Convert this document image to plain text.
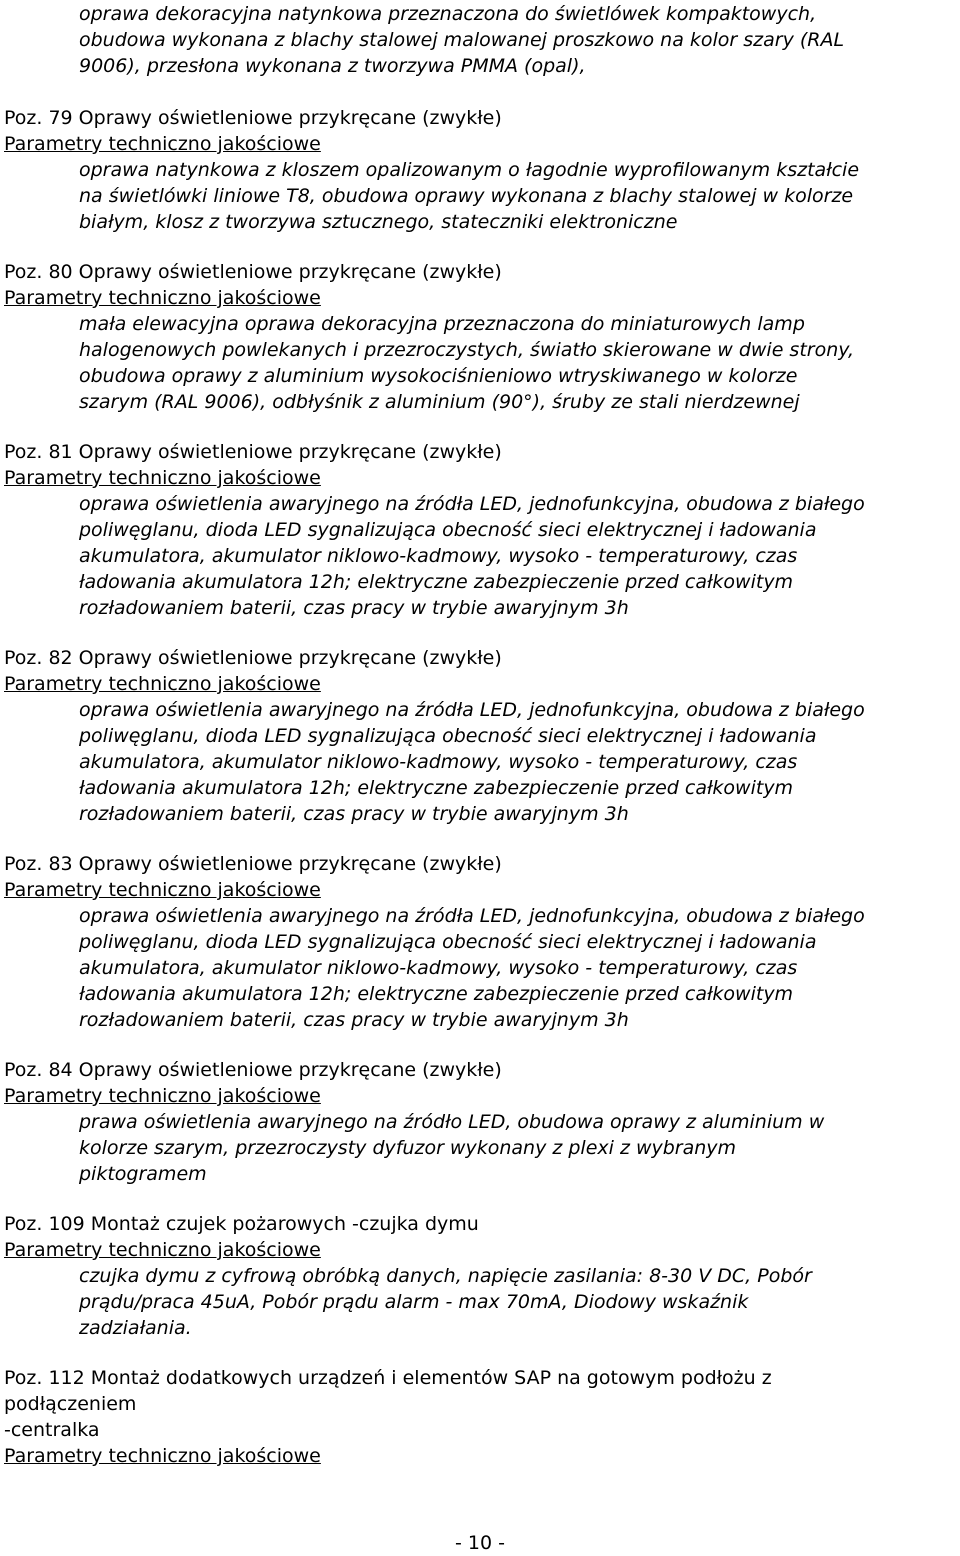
oprawa dekoracyjna natynkowa przeznaczona do świetlówek kompaktowych,
obudowa wykonana z blachy stalowej malowanej proszkowo na kolor szary (RAL
9006), przesłona wykonana z tworzywa PMMA (opal),
Poz. 79 Oprawy oświetleniowe przykręcane (zwykłe)
Parametry techniczno jakościowe
oprawa natynkowa z kloszem opalizowanym o łagodnie wyprofilowanym kształcie
na świetlówki liniowe T8, obudowa oprawy wykonana z blachy stalowej w kolorze
białym, klosz z tworzywa sztucznego, stateczniki elektroniczne
Poz. 80 Oprawy oświetleniowe przykręcane (zwykłe)
Parametry techniczno jakościowe
mała elewacyjna oprawa dekoracyjna przeznaczona do miniaturowych lamp
halogenowych powlekanych i przezroczystych, światło skierowane w dwie strony,
obudowa oprawy z aluminium wysokociśnieniowo wtryskiwanego w kolorze
szarym (RAL 9006), odbłyśnik z aluminium (90°), śruby ze stali nierdzewnej
Poz. 81 Oprawy oświetleniowe przykręcane (zwykłe)
Parametry techniczno jakościowe
oprawa oświetlenia awaryjnego na źródła LED, jednofunkcyjna, obudowa z białego
poliwęglanu, dioda LED sygnalizująca obecność sieci elektrycznej i ładowania
akumulatora, akumulator niklowo-kadmowy, wysoko - temperaturowy, czas
ładowania akumulatora 12h; elektryczne zabezpieczenie przed całkowitym
rozładowaniem baterii, czas pracy w trybie awaryjnym 3h
Poz. 82 Oprawy oświetleniowe przykręcane (zwykłe)
Parametry techniczno jakościowe
oprawa oświetlenia awaryjnego na źródła LED, jednofunkcyjna, obudowa z białego
poliwęglanu, dioda LED sygnalizująca obecność sieci elektrycznej i ładowania
akumulatora, akumulator niklowo-kadmowy, wysoko - temperaturowy, czas
ładowania akumulatora 12h; elektryczne zabezpieczenie przed całkowitym
rozładowaniem baterii, czas pracy w trybie awaryjnym 3h
Poz. 83 Oprawy oświetleniowe przykręcane (zwykłe)
Parametry techniczno jakościowe
oprawa oświetlenia awaryjnego na źródła LED, jednofunkcyjna, obudowa z białego
poliwęglanu, dioda LED sygnalizująca obecność sieci elektrycznej i ładowania
akumulatora, akumulator niklowo-kadmowy, wysoko - temperaturowy, czas
ładowania akumulatora 12h; elektryczne zabezpieczenie przed całkowitym
rozładowaniem baterii, czas pracy w trybie awaryjnym 3h
Poz. 84 Oprawy oświetleniowe przykręcane (zwykłe)
Parametry techniczno jakościowe
prawa oświetlenia awaryjnego na źródło LED, obudowa oprawy z aluminium w
kolorze szarym, przezroczysty dyfuzor wykonany z plexi z wybranym
piktogramem
Poz. 109 Montaż czujek pożarowych -czujka dymu
Parametry techniczno jakościowe
czujka dymu z cyfrową obróbką danych, napięcie zasilania: 8-30 V DC, Pobór
prądu/praca 45uA, Pobór prądu alarm - max 70mA, Diodowy wskaźnik
zadziałania.
Poz. 112 Montaż dodatkowych urządzeń i elementów SAP na gotowym podłożu z
podłączeniem
-centralka
Parametry techniczno jakościowe
- 10 -
